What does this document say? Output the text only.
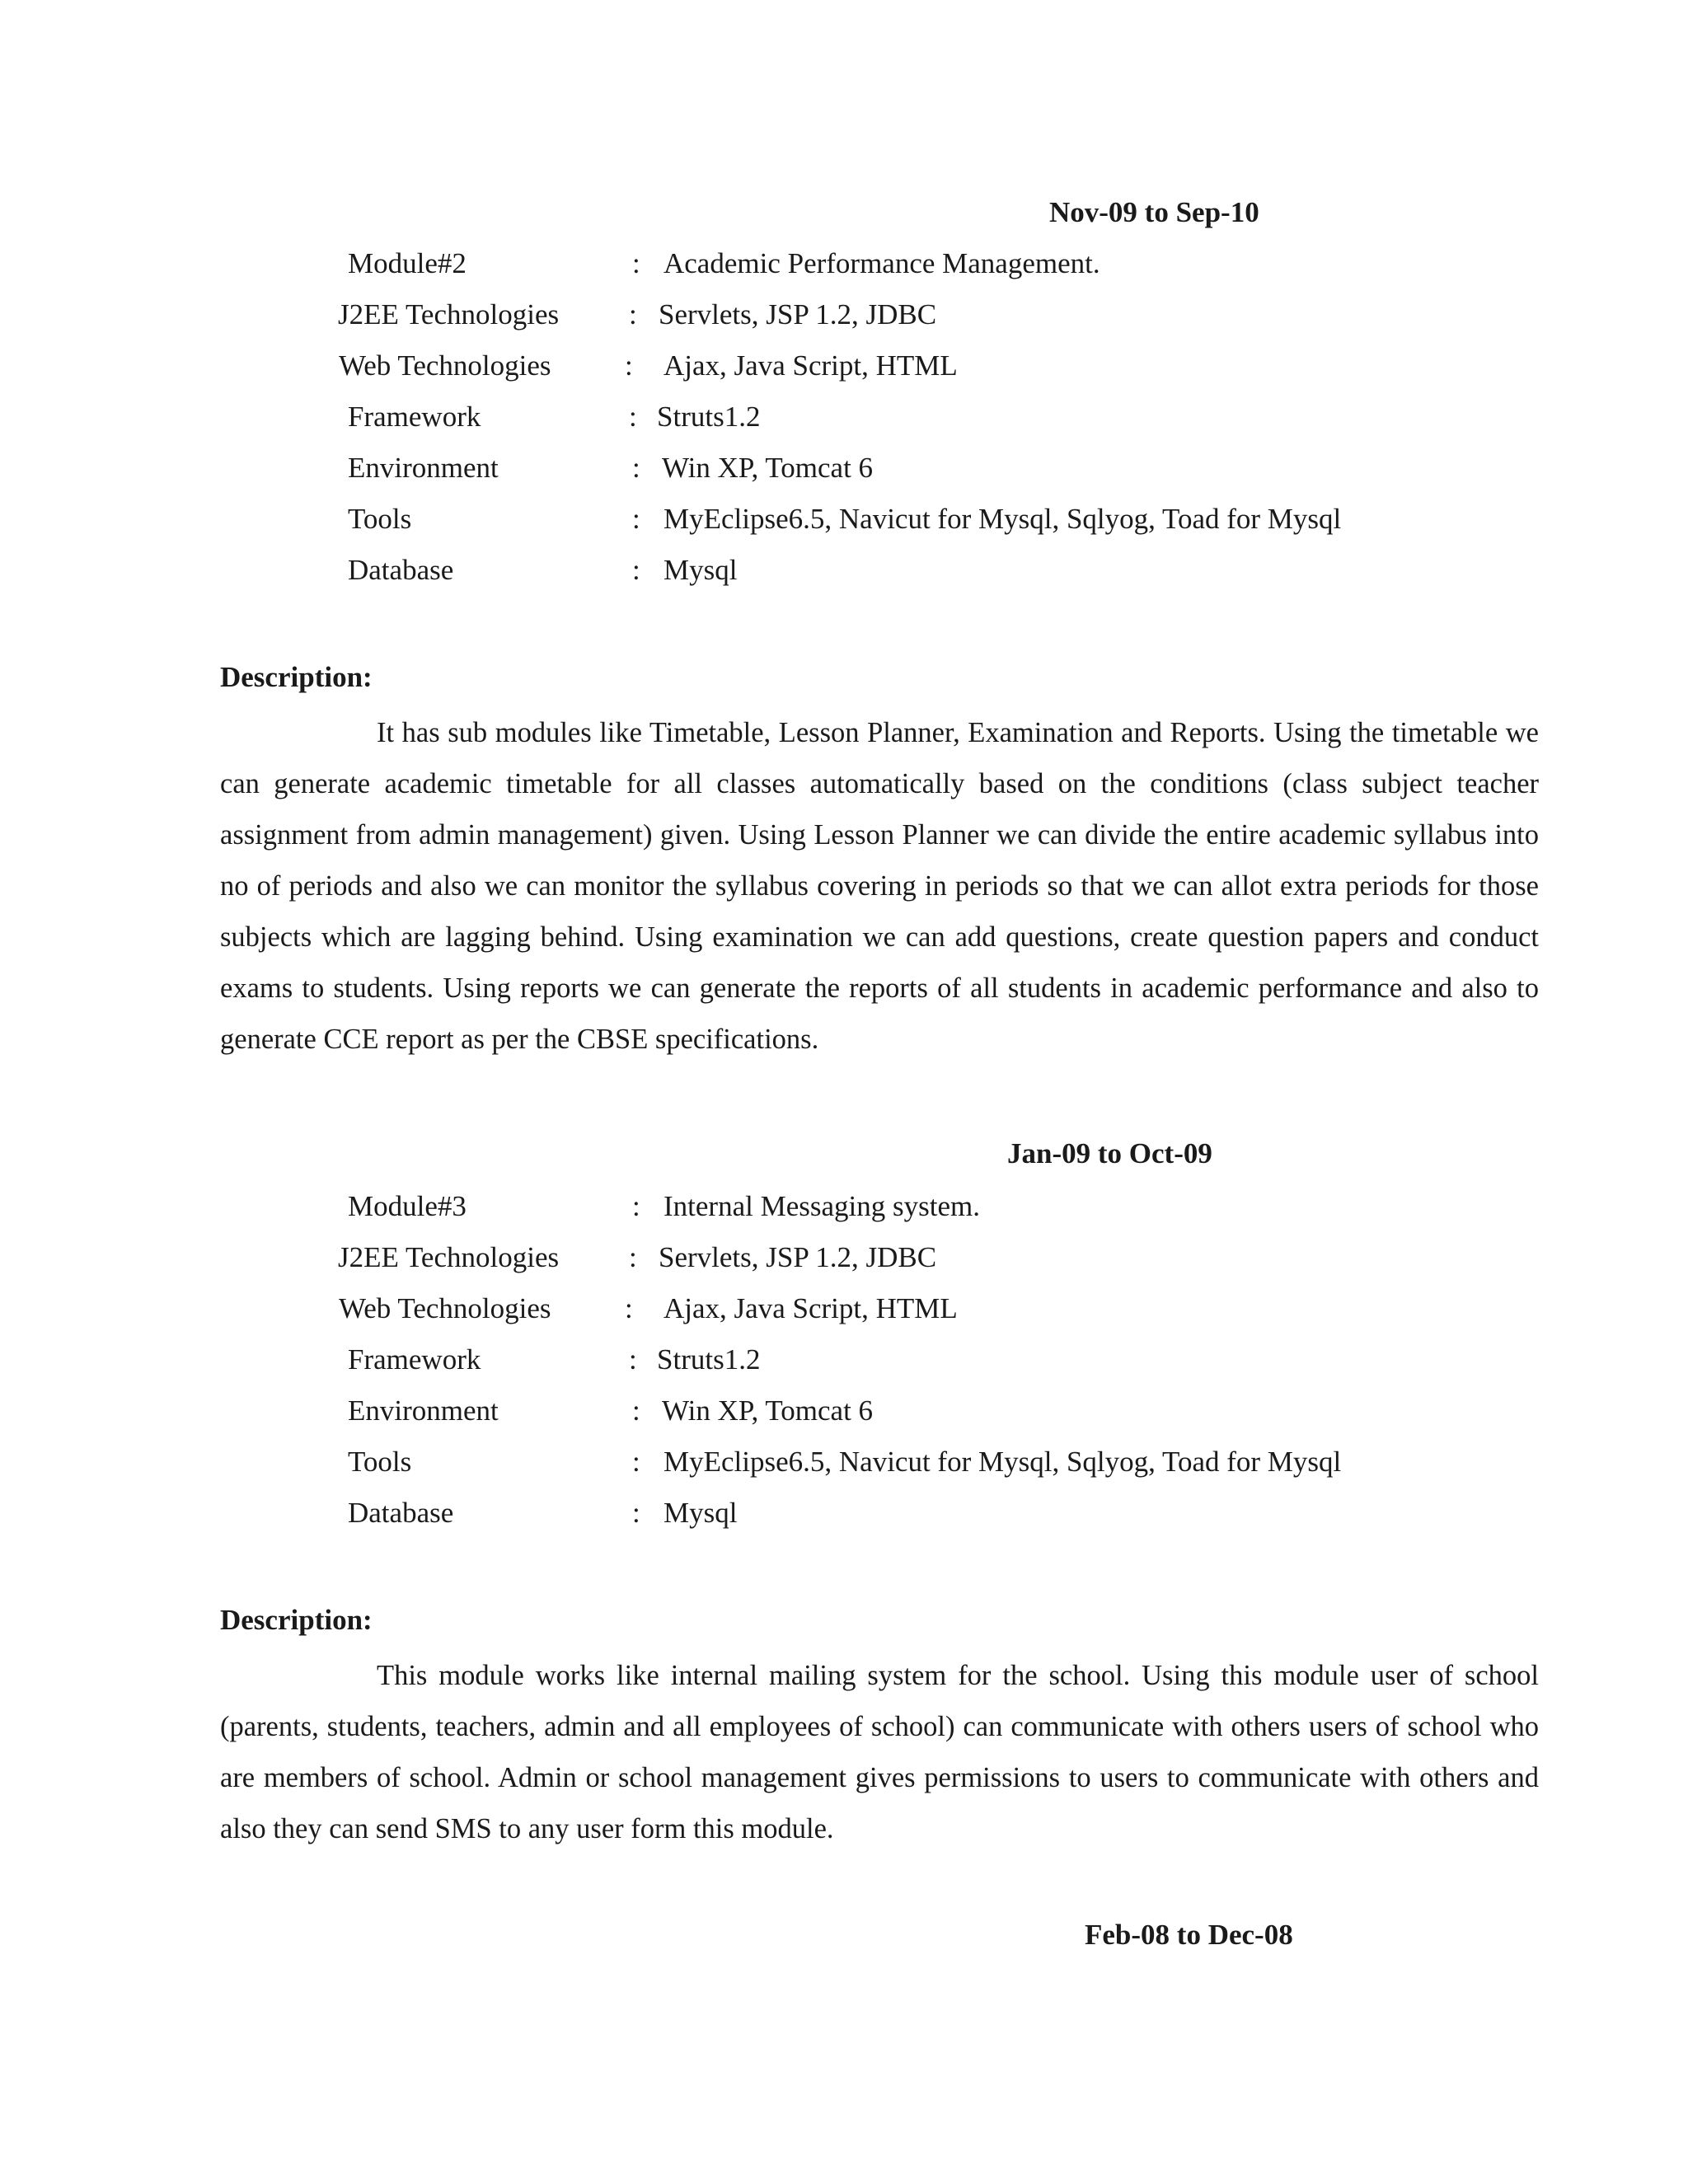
Nov-09 to Sep-10
Module#2	: Academic Performance Management.
J2EE Technologies : Servlets, JSP 1.2, JDBC
Web Technologies	: Ajax, Java Script, HTML
Framework	: Struts1.2
Environment	: Win XP, Tomcat 6
Tools	: MyEclipse6.5, Navicut for Mysql, Sqlyog, Toad for Mysql
Database	: Mysql
Description:

It has sub modules like Timetable, Lesson Planner, Examination and Reports. Using the timetable we can generate academic timetable for all classes automatically based on the conditions (class subject teacher assignment from admin management) given. Using Lesson Planner we can divide the entire academic syllabus into no of periods and also we can monitor the syllabus covering in periods so that we can allot extra periods for those subjects which are lagging behind. Using examination we can add questions, create question papers and conduct exams to students. Using reports we can generate the reports of all students in academic performance and also to generate CCE report as per the CBSE specifications.

Jan-09 to Oct-09
Module#3	: Internal Messaging system.
J2EE Technologies : Servlets, JSP 1.2, JDBC
Web Technologies	: Ajax, Java Script, HTML
Framework	: Struts1.2
Environment	: Win XP, Tomcat 6
Tools	: MyEclipse6.5, Navicut for Mysql, Sqlyog, Toad for Mysql
Database	: Mysql
Description:

This module works like internal mailing system for the school. Using this module user of school (parents, students, teachers, admin and all employees of school) can communicate with others users of school who are members of school. Admin or school management gives permissions to users to communicate with others and also they can send SMS to any user form this module.

Feb-08 to Dec-08
